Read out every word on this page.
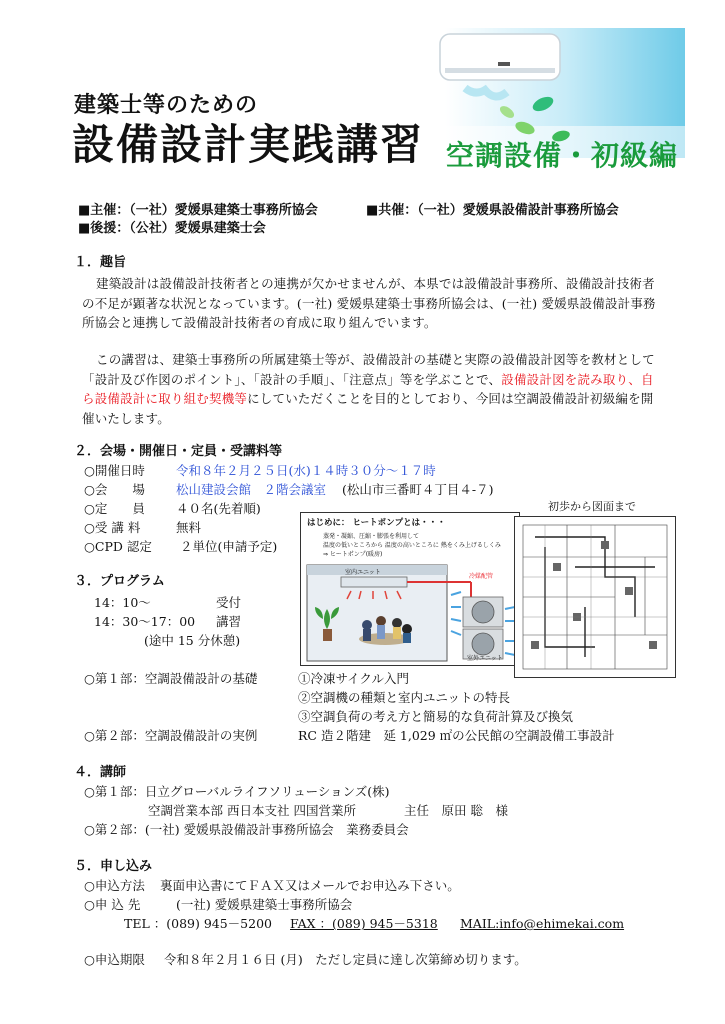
建築士等のための
設備設計実践講習 空調設備・初級編
■主催：（一社）愛媛県建築士事務所協会	■共催：（一社）愛媛県設備設計事務所協会
■後援：（公社）愛媛県建築士会
１．趣旨
建築設計は設備設計技術者との連携が欠かせませんが、本県では設備設計事務所、設備設計技術者の不足が顕著な状況となっています。(一社) 愛媛県建築士事務所協会は、(一社) 愛媛県設備設計事務所協会と連携して設備設計技術者の育成に取り組んでいます。
この講習は、建築士事務所の所属建築士等が、設備設計の基礎と実際の設備設計図等を教材として「設計及び作図のポイント」、「設計の手順」、「注意点」等を学ぶことで、設備設計図を読み取り、自ら設備設計に取り組む契機等にしていただくことを目的としており、今回は空調設備設計初級編を開催いたします。
２．会場・開催日・定員・受講料等
○開催日時 令和８年２月２５日(水)１４時３０分～１７時
○会　　場 松山建設会館　２階会議室 (松山市三番町４丁目４-７)
○定　　員 ４０名(先着順)
○受 講 料	無料
○CPD 認定 ２単位(申請予定)
初歩から図面まで
はじめに： ヒートポンプとは・・・
蒸発・凝縮、圧縮・膨張を利用して
温度の低いところから 温度の高いところに 熱をくみ上げるしくみ
⇒ ヒートポンプ(暖房)
室内ユニット
冷媒配管
室外ユニット
３．プログラム
14：10～	受付
14：30～17：00 講習
(途中 15 分休憩)
○第１部：空調設備設計の基礎	①冷凍サイクル入門
②空調機の種類と室内ユニットの特長
③空調負荷の考え方と簡易的な負荷計算及び換気
○第２部：空調設備設計の実例	RC 造２階建　延 1,029 ㎡の公民館の空調設備工事設計
４．講師
○第１部：日立グローバルライフソリューションズ(株)
空調営業本部 西日本支社 四国営業所	主任　原田 聡　様
○第２部：(一社) 愛媛県設備設計事務所協会　業務委員会
５．申し込み
○申込方法 裏面申込書にてＦＡＸ又はメールでお申込み下さい。
○申 込 先	(一社) 愛媛県建築士事務所協会
TEL ：(089) 945－5200 FAX ：(089) 945－5318 MAIL:info@ehimekai.com
○申込期限 令和８年２月１６日 (月)　ただし定員に達し次第締め切ります。
